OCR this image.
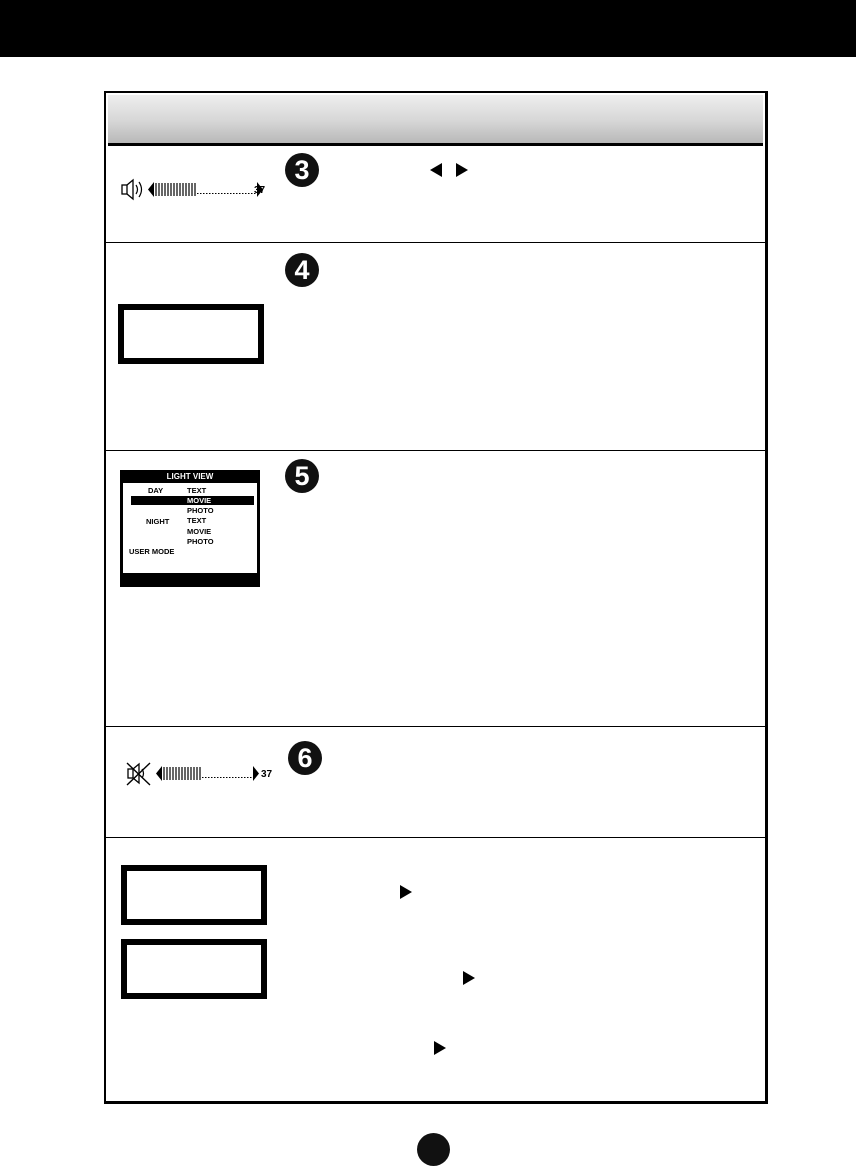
37
3
4
5
LIGHT VIEW
DAY	TEXT
MOVIE
PHOTO
NIGHT TEXT
MOVIE
PHOTO
USER MODE
37
6
